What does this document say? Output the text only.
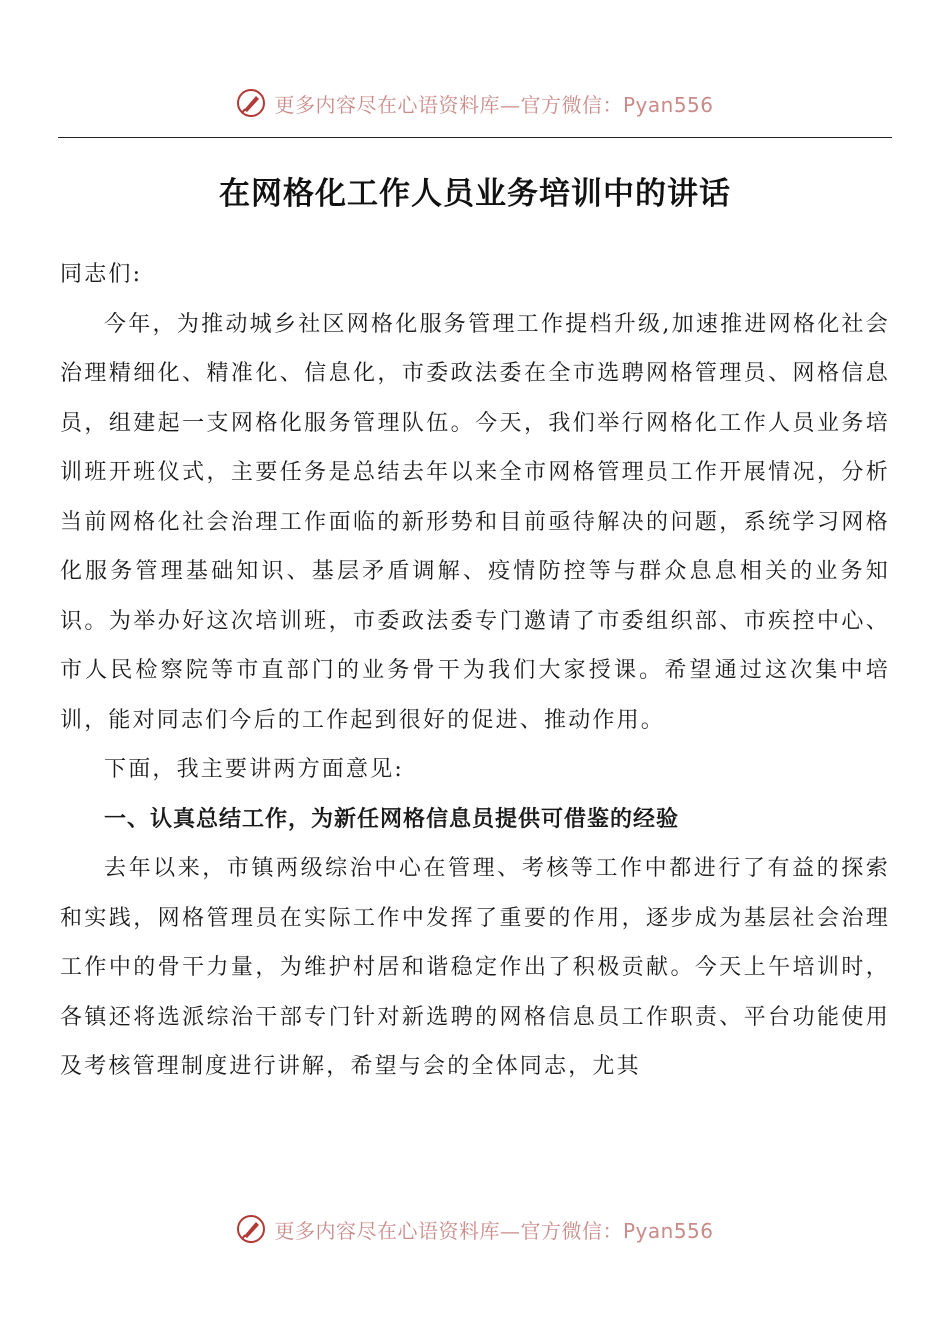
更多内容尽在心语资料库—官方微信：Pyan556
在网格化工作人员业务培训中的讲话

同志们:

今年，为推动城乡社区网格化服务管理工作提档升级,加速推进网格化社会治理精细化、精准化、信息化，市委政法委在全市选聘网格管理员、网格信息员，组建起一支网格化服务管理队伍。今天，我们举行网格化工作人员业务培训班开班仪式，主要任务是总结去年以来全市网格管理员工作开展情况，分析当前网格化社会治理工作面临的新形势和目前亟待解决的问题，系统学习网格化服务管理基础知识、基层矛盾调解、疫情防控等与群众息息相关的业务知识。为举办好这次培训班，市委政法委专门邀请了市委组织部、市疾控中心、市人民检察院等市直部门的业务骨干为我们大家授课。希望通过这次集中培训，能对同志们今后的工作起到很好的促进、推动作用。

下面，我主要讲两方面意见:

一、认真总结工作，为新任网格信息员提供可借鉴的经验

去年以来，市镇两级综治中心在管理、考核等工作中都进行了有益的探索和实践，网格管理员在实际工作中发挥了重要的作用，逐步成为基层社会治理工作中的骨干力量，为维护村居和谐稳定作出了积极贡献。今天上午培训时，各镇还将选派综治干部专门针对新选聘的网格信息员工作职责、平台功能使用及考核管理制度进行讲解，希望与会的全体同志，尤其

更多内容尽在心语资料库—官方微信：Pyan556
